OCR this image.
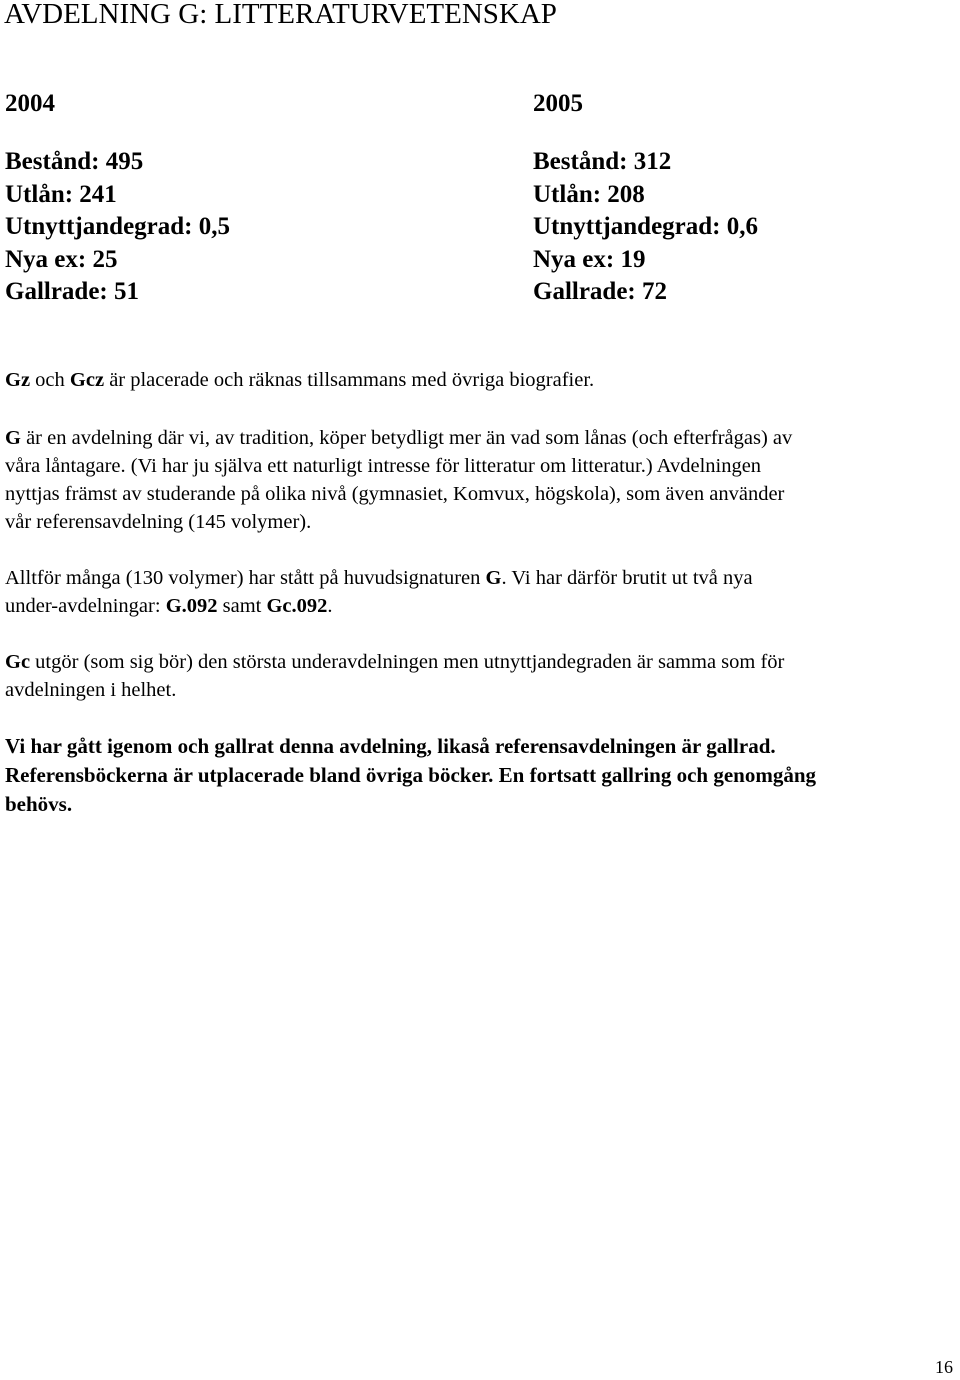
AVDELNING G: LITTERATURVETENSKAP
2004
Bestånd: 495
Utlån: 241
Utnyttjandegrad: 0,5
Nya ex: 25
Gallrade: 51
2005
Bestånd: 312
Utlån: 208
Utnyttjandegrad: 0,6
Nya ex: 19
Gallrade: 72

Gz och Gcz är placerade och räknas tillsammans med övriga biografier.

G är en avdelning där vi, av tradition, köper betydligt mer än vad som lånas (och efterfrågas) av
våra låntagare. (Vi har ju själva ett naturligt intresse för litteratur om litteratur.) Avdelningen
nyttjas främst av studerande på olika nivå (gymnasiet, Komvux, högskola), som även använder
vår referensavdelning (145 volymer).

Alltför många (130 volymer) har stått på huvudsignaturen G. Vi har därför brutit ut två nya
under-avdelningar: G.092 samt Gc.092.

Gc utgör (som sig bör) den största underavdelningen men utnyttjandegraden är samma som för
avdelningen i helhet.

Vi har gått igenom och gallrat denna avdelning, likaså referensavdelningen är gallrad.
Referensböckerna är utplacerade bland övriga böcker. En fortsatt gallring och genomgång
behövs.

16
